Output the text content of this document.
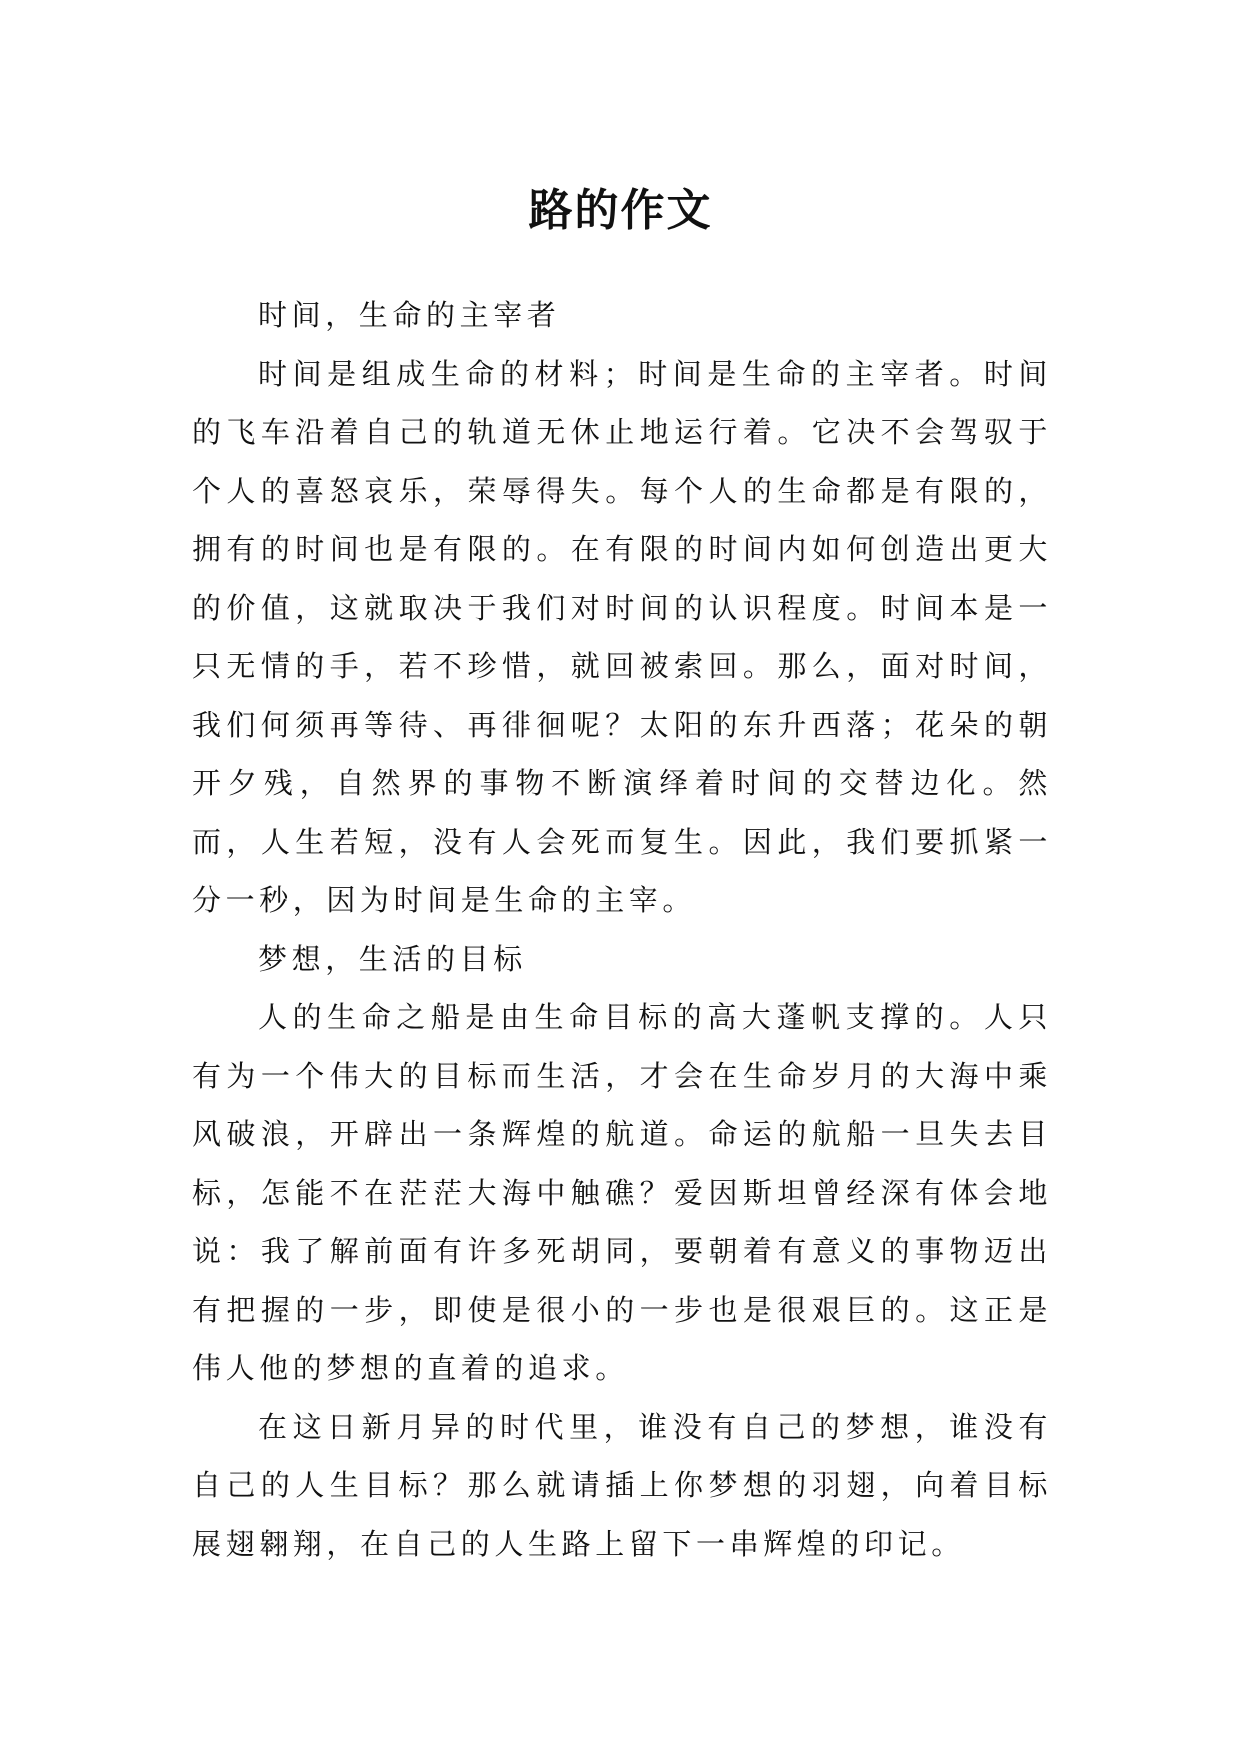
路的作文

时间，生命的主宰者

时间是组成生命的材料；时间是生命的主宰者。时间的飞车沿着自己的轨道无休止地运行着。它决不会驾驭于个人的喜怒哀乐，荣辱得失。每个人的生命都是有限的，拥有的时间也是有限的。在有限的时间内如何创造出更大的价值，这就取决于我们对时间的认识程度。时间本是一只无情的手，若不珍惜，就回被索回。那么，面对时间，我们何须再等待、再徘徊呢？太阳的东升西落；花朵的朝开夕残，自然界的事物不断演绎着时间的交替边化。然而，人生若短，没有人会死而复生。因此，我们要抓紧一分一秒，因为时间是生命的主宰。

梦想，生活的目标

人的生命之船是由生命目标的高大蓬帆支撑的。人只有为一个伟大的目标而生活，才会在生命岁月的大海中乘风破浪，开辟出一条辉煌的航道。命运的航船一旦失去目标，怎能不在茫茫大海中触礁？爱因斯坦曾经深有体会地说：我了解前面有许多死胡同，要朝着有意义的事物迈出有把握的一步，即使是很小的一步也是很艰巨的。这正是伟人他的梦想的直着的追求。

在这日新月异的时代里，谁没有自己的梦想，谁没有自己的人生目标？那么就请插上你梦想的羽翅，向着目标展翅翱翔，在自己的人生路上留下一串辉煌的印记。
